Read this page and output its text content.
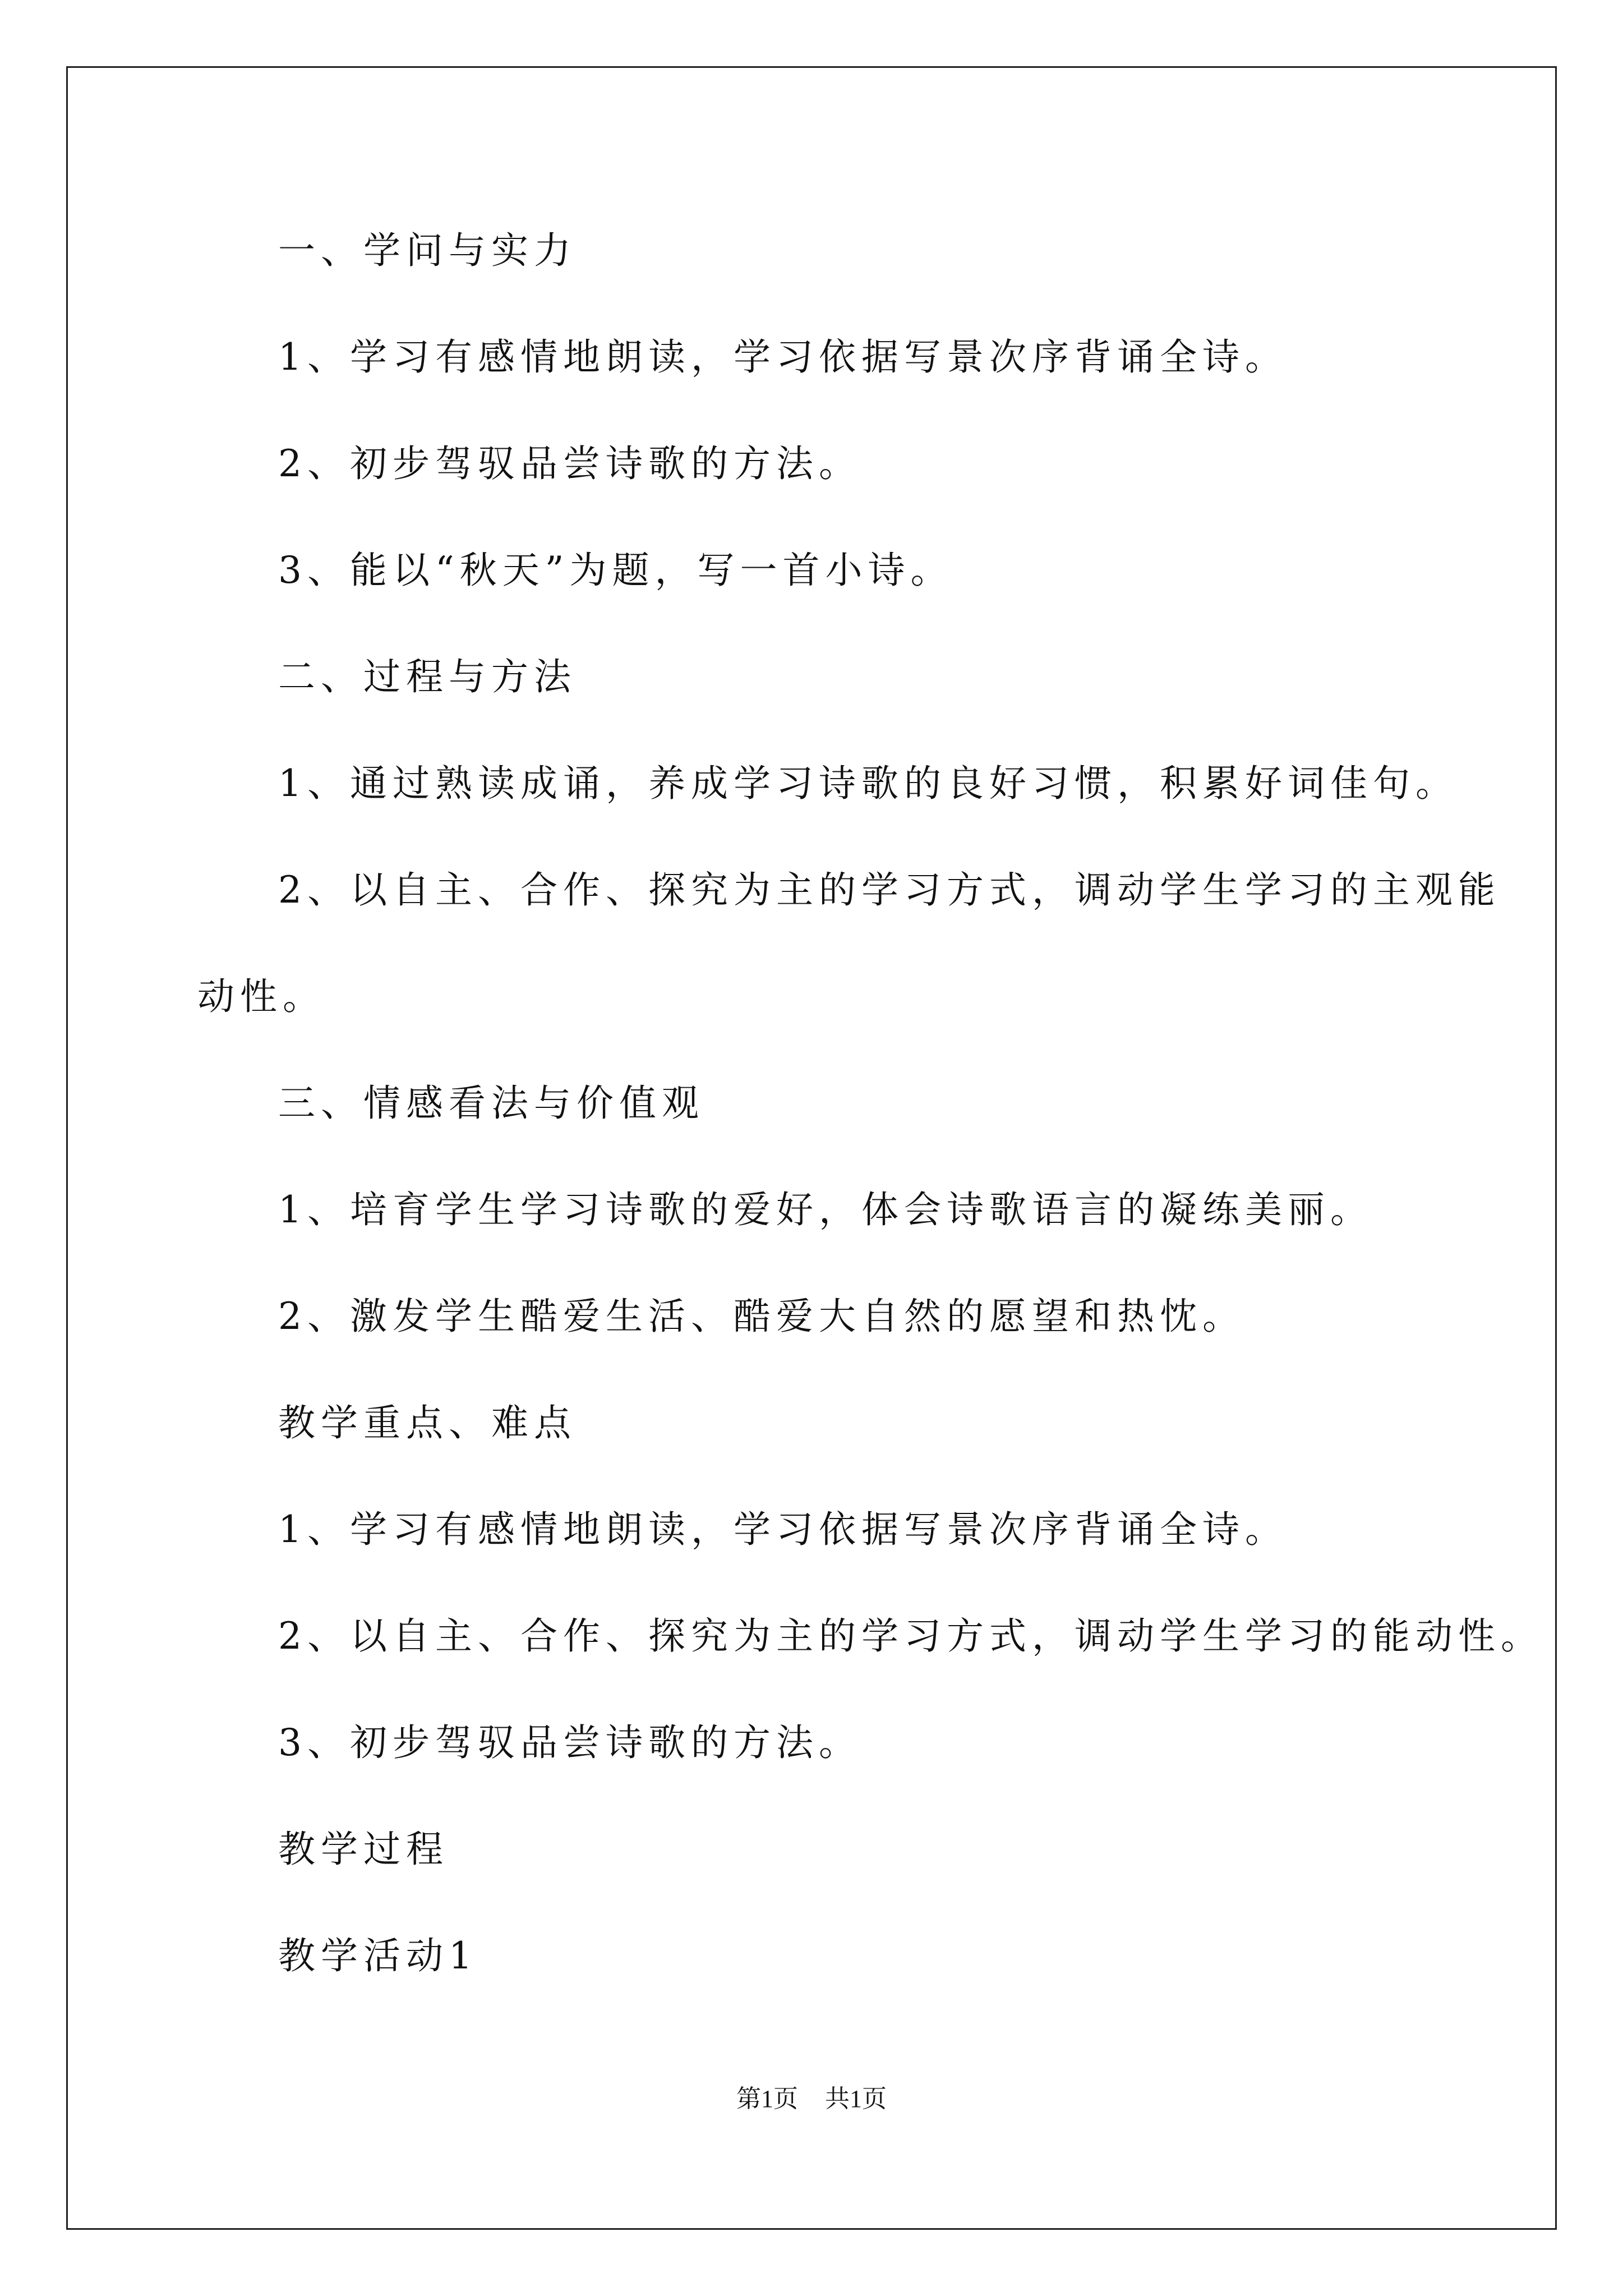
一、学问与实力
1、学习有感情地朗读，学习依据写景次序背诵全诗。
2、初步驾驭品尝诗歌的方法。
3、能以“秋天”为题，写一首小诗。
二、过程与方法
1、通过熟读成诵，养成学习诗歌的良好习惯，积累好词佳句。
2、以自主、合作、探究为主的学习方式，调动学生学习的主观能
动性。
三、情感看法与价值观
1、培育学生学习诗歌的爱好，体会诗歌语言的凝练美丽。
2、激发学生酷爱生活、酷爱大自然的愿望和热忱。
教学重点、难点
1、学习有感情地朗读，学习依据写景次序背诵全诗。
2、以自主、合作、探究为主的学习方式，调动学生学习的能动性。
3、初步驾驭品尝诗歌的方法。
教学过程
教学活动1
第1页 共1页
